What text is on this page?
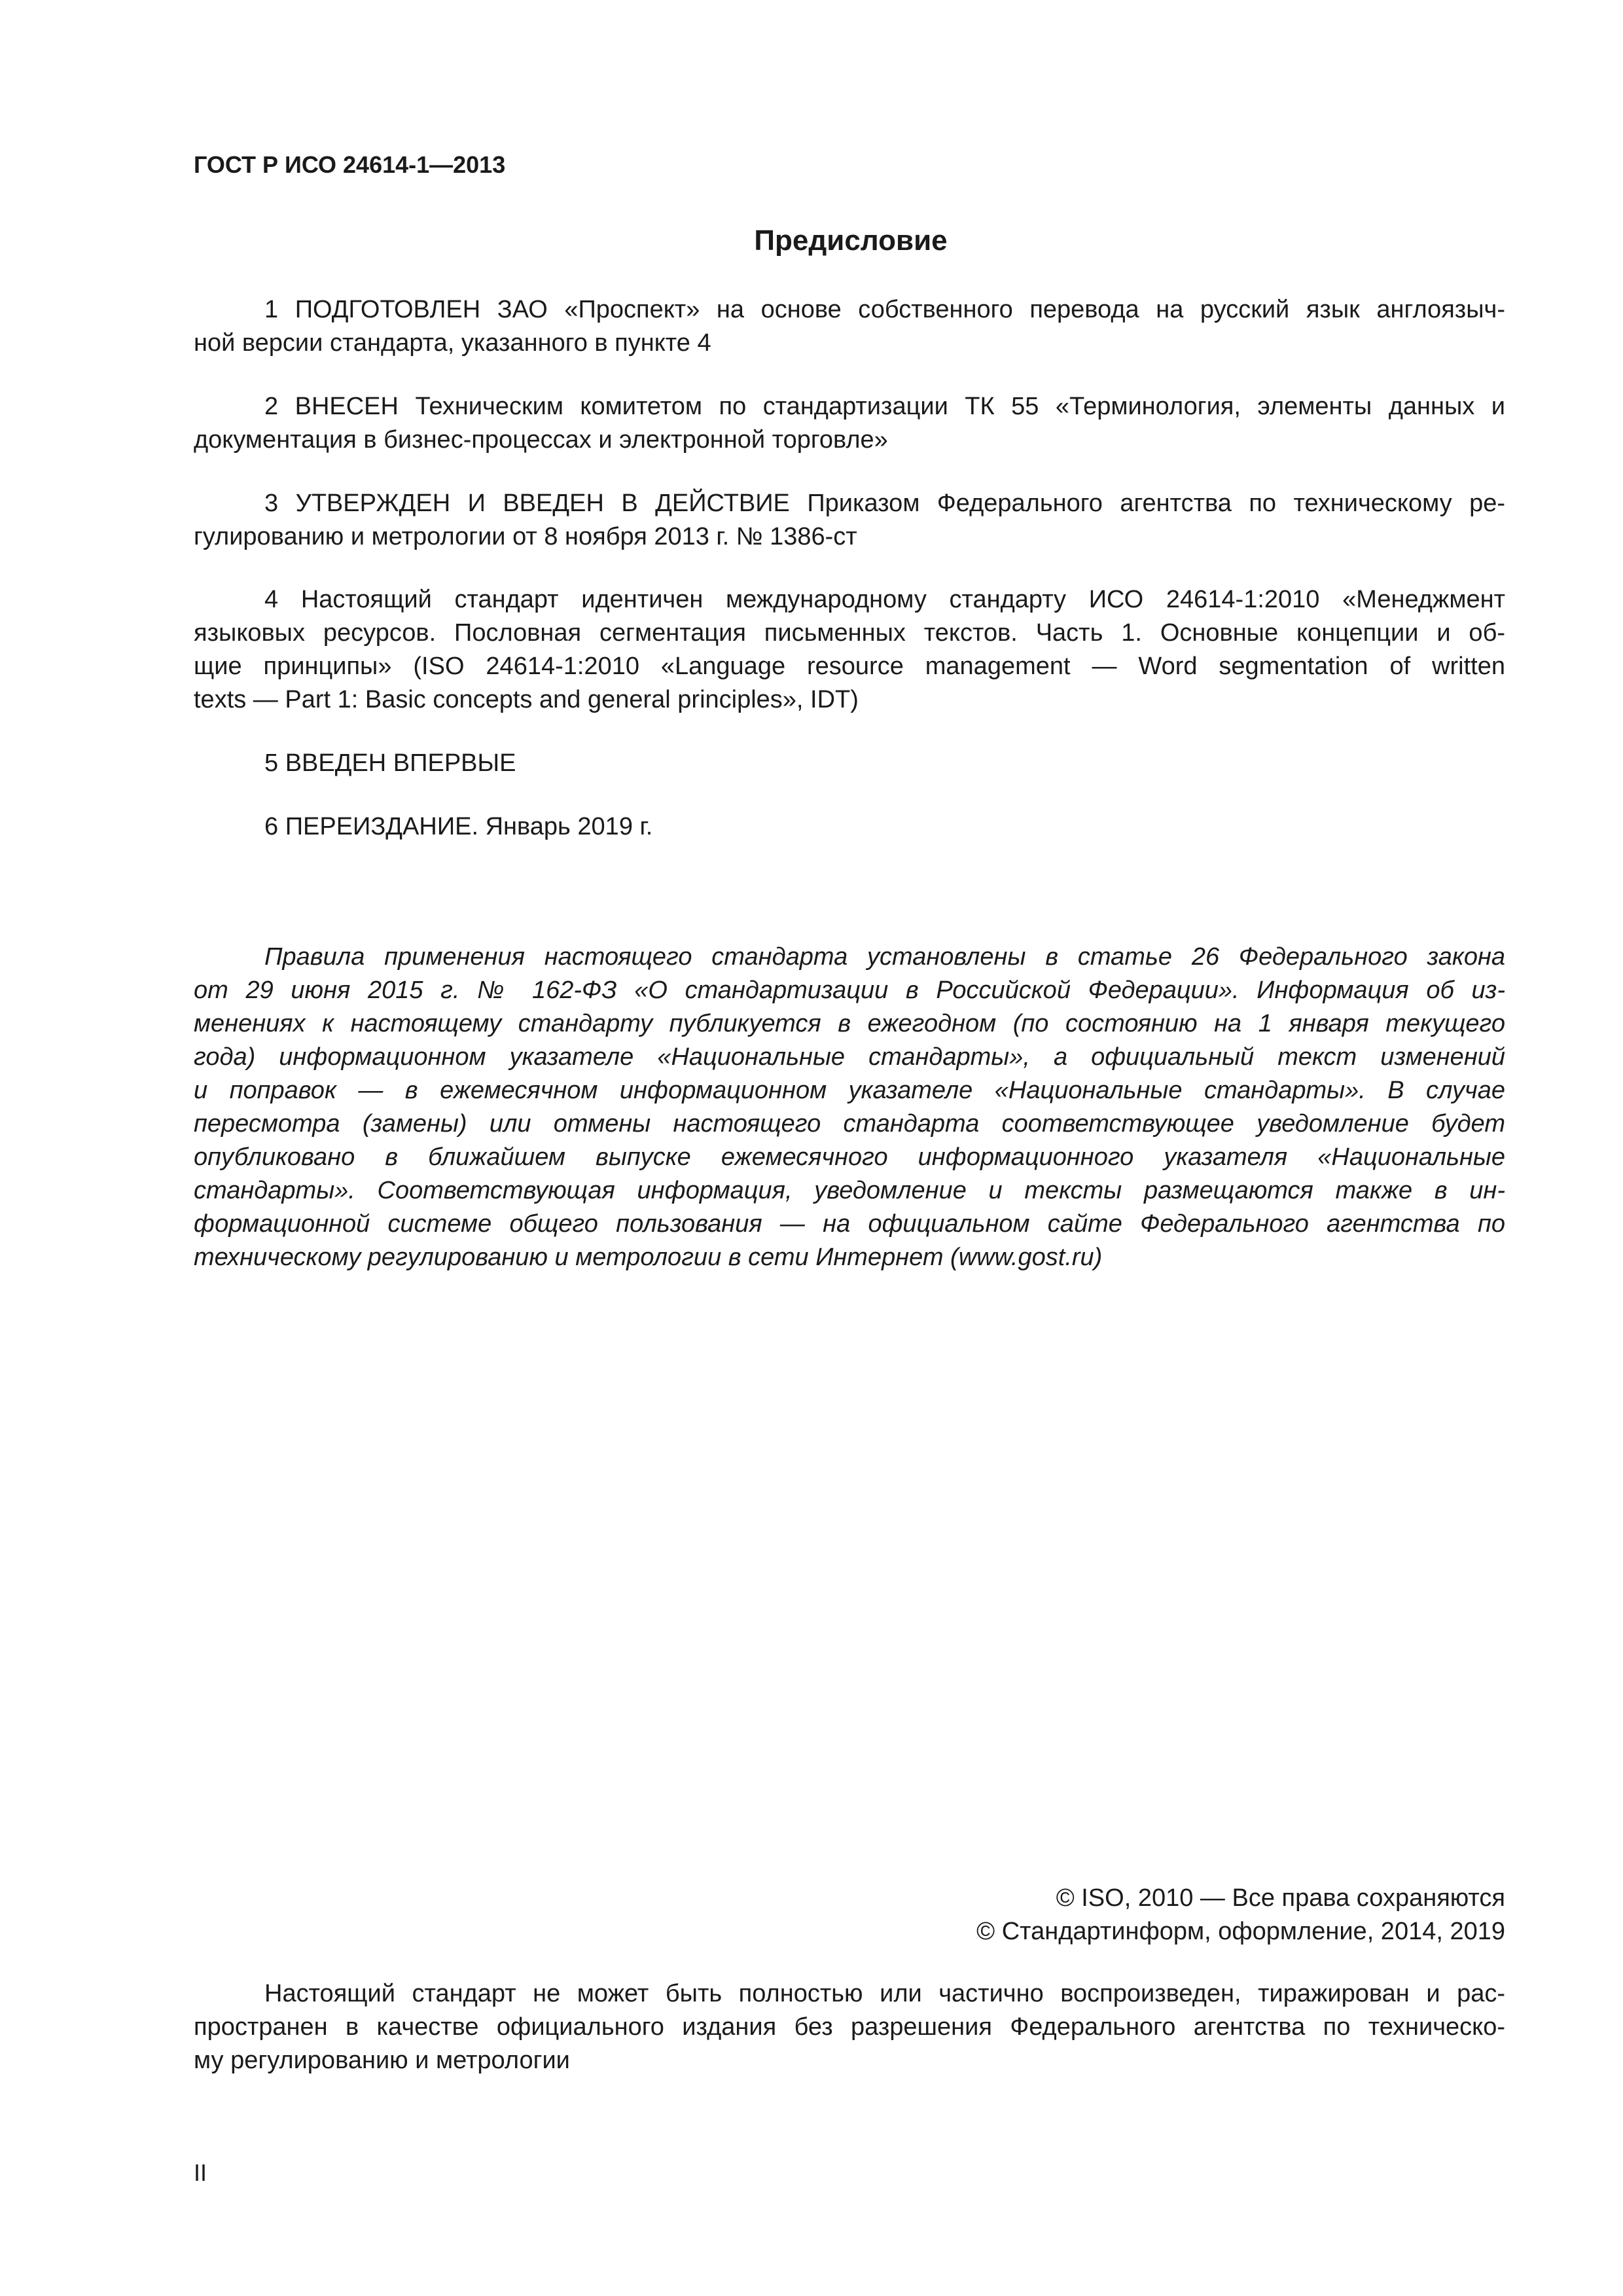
ГОСТ Р ИСО 24614-1—2013
Предисловие
1 ПОДГОТОВЛЕН ЗАО «Проспект» на основе собственного перевода на русский язык англоязыч-
ной версии стандарта, указанного в пункте 4
2 ВНЕСЕН Техническим комитетом по стандартизации ТК 55 «Терминология, элементы данных и
документация в бизнес-процессах и электронной торговле»
3 УТВЕРЖДЕН И ВВЕДЕН В ДЕЙСТВИЕ Приказом Федерального агентства по техническому ре-
гулированию и метрологии от 8 ноября 2013 г. № 1386-ст
4 Настоящий стандарт идентичен международному стандарту ИСО 24614-1:2010 «Менеджмент
языковых ресурсов. Пословная сегментация письменных текстов. Часть 1. Основные концепции и об-
щие принципы» (ISO 24614-1:2010 «Language resource management — Word segmentation of written
texts — Part 1: Basic concepts and general principles», IDT)
5 ВВЕДЕН ВПЕРВЫЕ
6 ПЕРЕИЗДАНИЕ. Январь 2019 г.
Правила применения настоящего стандарта установлены в статье 26 Федерального закона
от 29 июня 2015 г. № 162-ФЗ «О стандартизации в Российской Федерации». Информация об из-
менениях к настоящему стандарту публикуется в ежегодном (по состоянию на 1 января текущего
года) информационном указателе «Национальные стандарты», а официальный текст изменений
и поправок — в ежемесячном информационном указателе «Национальные стандарты». В случае
пересмотра (замены) или отмены настоящего стандарта соответствующее уведомление будет
опубликовано в ближайшем выпуске ежемесячного информационного указателя «Национальные
стандарты». Соответствующая информация, уведомление и тексты размещаются также в ин-
формационной системе общего пользования — на официальном сайте Федерального агентства по
техническому регулированию и метрологии в сети Интернет (www.gost.ru)
© ISO, 2010 — Все права сохраняются
© Стандартинформ, оформление, 2014, 2019
Настоящий стандарт не может быть полностью или частично воспроизведен, тиражирован и рас-
пространен в качестве официального издания без разрешения Федерального агентства по техническо-
му регулированию и метрологии
II
